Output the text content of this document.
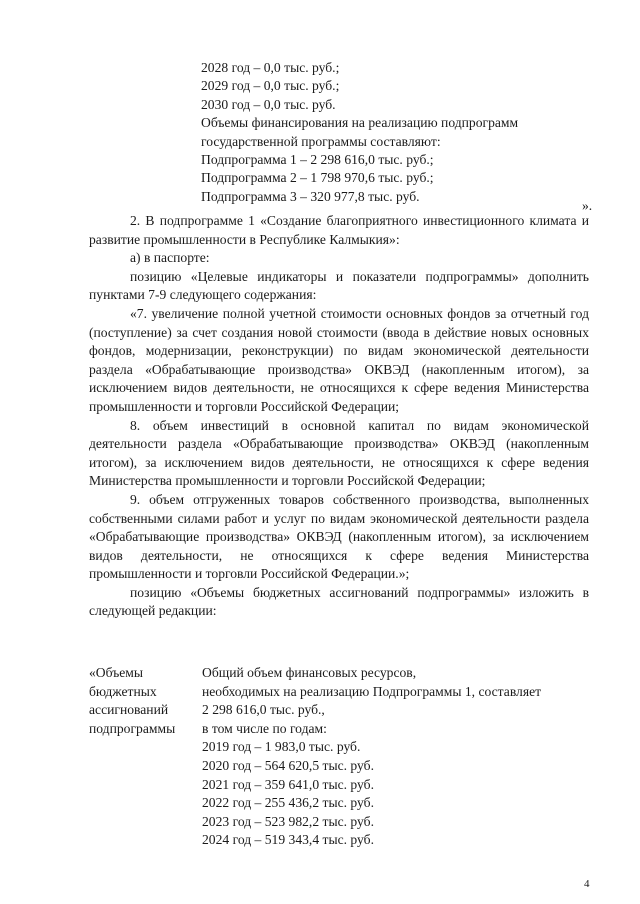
2028 год – 0,0 тыс. руб.;
2029 год – 0,0 тыс. руб.;
2030 год – 0,0 тыс. руб.
Объемы финансирования на реализацию подпрограмм
государственной программы составляют:
Подпрограмма 1 – 2 298 616,0 тыс. руб.;
Подпрограмма 2 – 1 798 970,6 тыс. руб.;
Подпрограмма 3 – 320 977,8 тыс. руб.
».

2. В подпрограмме 1 «Создание благоприятного инвестиционного климата и развитие промышленности в Республике Калмыкия»:

а) в паспорте:

позицию «Целевые индикаторы и показатели подпрограммы» дополнить пунктами 7-9 следующего содержания:

«7. увеличение полной учетной стоимости основных фондов за отчетный год (поступление) за счет создания новой стоимости (ввода в действие новых основных фондов, модернизации, реконструкции) по видам экономической деятельности раздела «Обрабатывающие производства» ОКВЭД (накопленным итогом), за исключением видов деятельности, не относящихся к сфере ведения Министерства промышленности и торговли Российской Федерации;

8. объем инвестиций в основной капитал по видам экономической деятельности раздела «Обрабатывающие производства» ОКВЭД (накопленным итогом), за исключением видов деятельности, не относящихся к сфере ведения Министерства промышленности и торговли Российской Федерации;

9. объем отгруженных товаров собственного производства, выполненных собственными силами работ и услуг по видам экономической деятельности раздела «Обрабатывающие производства» ОКВЭД (накопленным итогом), за исключением видов деятельности, не относящихся к сфере ведения Министерства промышленности и торговли Российской Федерации.»;

позицию «Объемы бюджетных ассигнований подпрограммы» изложить в следующей редакции:

«Объемы
бюджетных
ассигнований
подпрограммы
Общий объем финансовых ресурсов,
необходимых на реализацию Подпрограммы 1, составляет
2 298 616,0 тыс. руб.,
в том числе по годам:
2019 год – 1 983,0 тыс. руб.
2020 год – 564 620,5 тыс. руб.
2021 год – 359 641,0 тыс. руб.
2022 год – 255 436,2 тыс. руб.
2023 год – 523 982,2 тыс. руб.
2024 год – 519 343,4 тыс. руб.
4
